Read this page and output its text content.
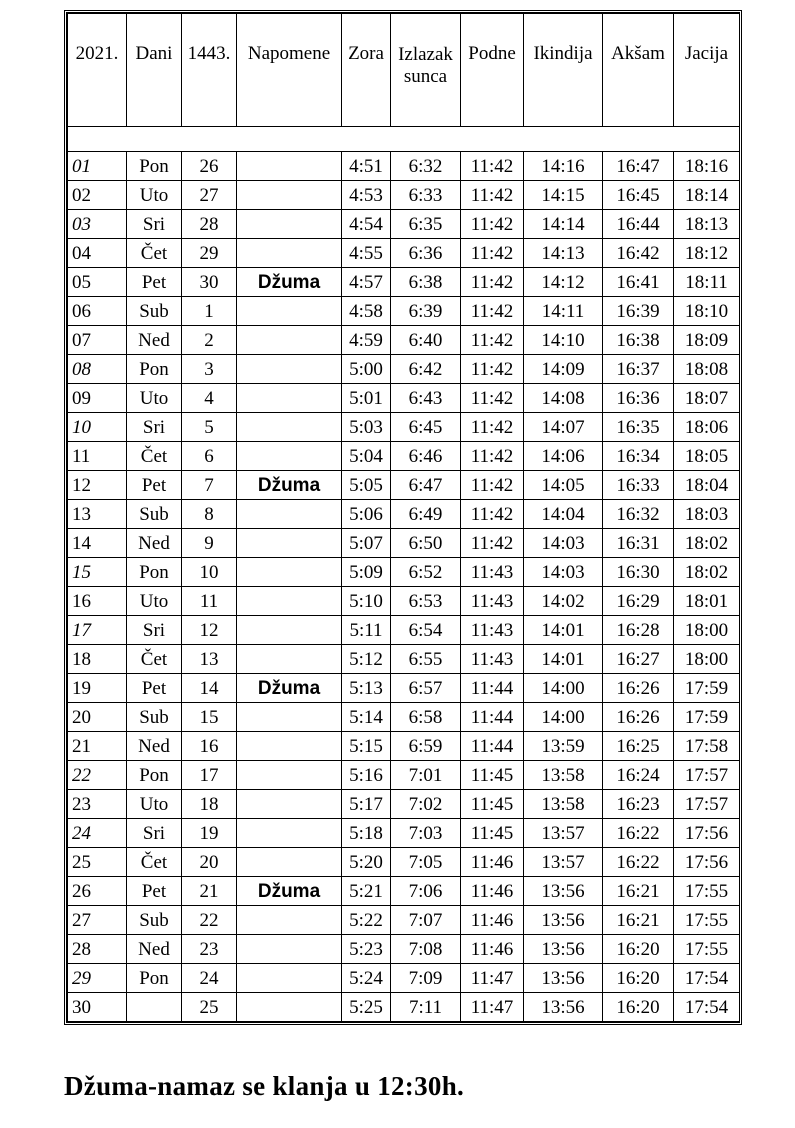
2021.	Dani	1443.	Napomene	Zora	Izlazak sunca	Podne	Ikindija	Akšam	Jacija

01	Pon	26		4:51	6:32	11:42	14:16	16:47	18:16
02	Uto	27		4:53	6:33	11:42	14:15	16:45	18:14
03	Sri	28		4:54	6:35	11:42	14:14	16:44	18:13
04	Čet	29		4:55	6:36	11:42	14:13	16:42	18:12
05	Pet	30	Džuma	4:57	6:38	11:42	14:12	16:41	18:11
06	Sub	1		4:58	6:39	11:42	14:11	16:39	18:10
07	Ned	2		4:59	6:40	11:42	14:10	16:38	18:09
08	Pon	3		5:00	6:42	11:42	14:09	16:37	18:08
09	Uto	4		5:01	6:43	11:42	14:08	16:36	18:07
10	Sri	5		5:03	6:45	11:42	14:07	16:35	18:06
11	Čet	6		5:04	6:46	11:42	14:06	16:34	18:05
12	Pet	7	Džuma	5:05	6:47	11:42	14:05	16:33	18:04
13	Sub	8		5:06	6:49	11:42	14:04	16:32	18:03
14	Ned	9		5:07	6:50	11:42	14:03	16:31	18:02
15	Pon	10		5:09	6:52	11:43	14:03	16:30	18:02
16	Uto	11		5:10	6:53	11:43	14:02	16:29	18:01
17	Sri	12		5:11	6:54	11:43	14:01	16:28	18:00
18	Čet	13		5:12	6:55	11:43	14:01	16:27	18:00
19	Pet	14	Džuma	5:13	6:57	11:44	14:00	16:26	17:59
20	Sub	15		5:14	6:58	11:44	14:00	16:26	17:59
21	Ned	16		5:15	6:59	11:44	13:59	16:25	17:58
22	Pon	17		5:16	7:01	11:45	13:58	16:24	17:57
23	Uto	18		5:17	7:02	11:45	13:58	16:23	17:57
24	Sri	19		5:18	7:03	11:45	13:57	16:22	17:56
25	Čet	20		5:20	7:05	11:46	13:57	16:22	17:56
26	Pet	21	Džuma	5:21	7:06	11:46	13:56	16:21	17:55
27	Sub	22		5:22	7:07	11:46	13:56	16:21	17:55
28	Ned	23		5:23	7:08	11:46	13:56	16:20	17:55
29	Pon	24		5:24	7:09	11:47	13:56	16:20	17:54
30		25		5:25	7:11	11:47	13:56	16:20	17:54
Džuma-namaz se klanja u 12:30h.
